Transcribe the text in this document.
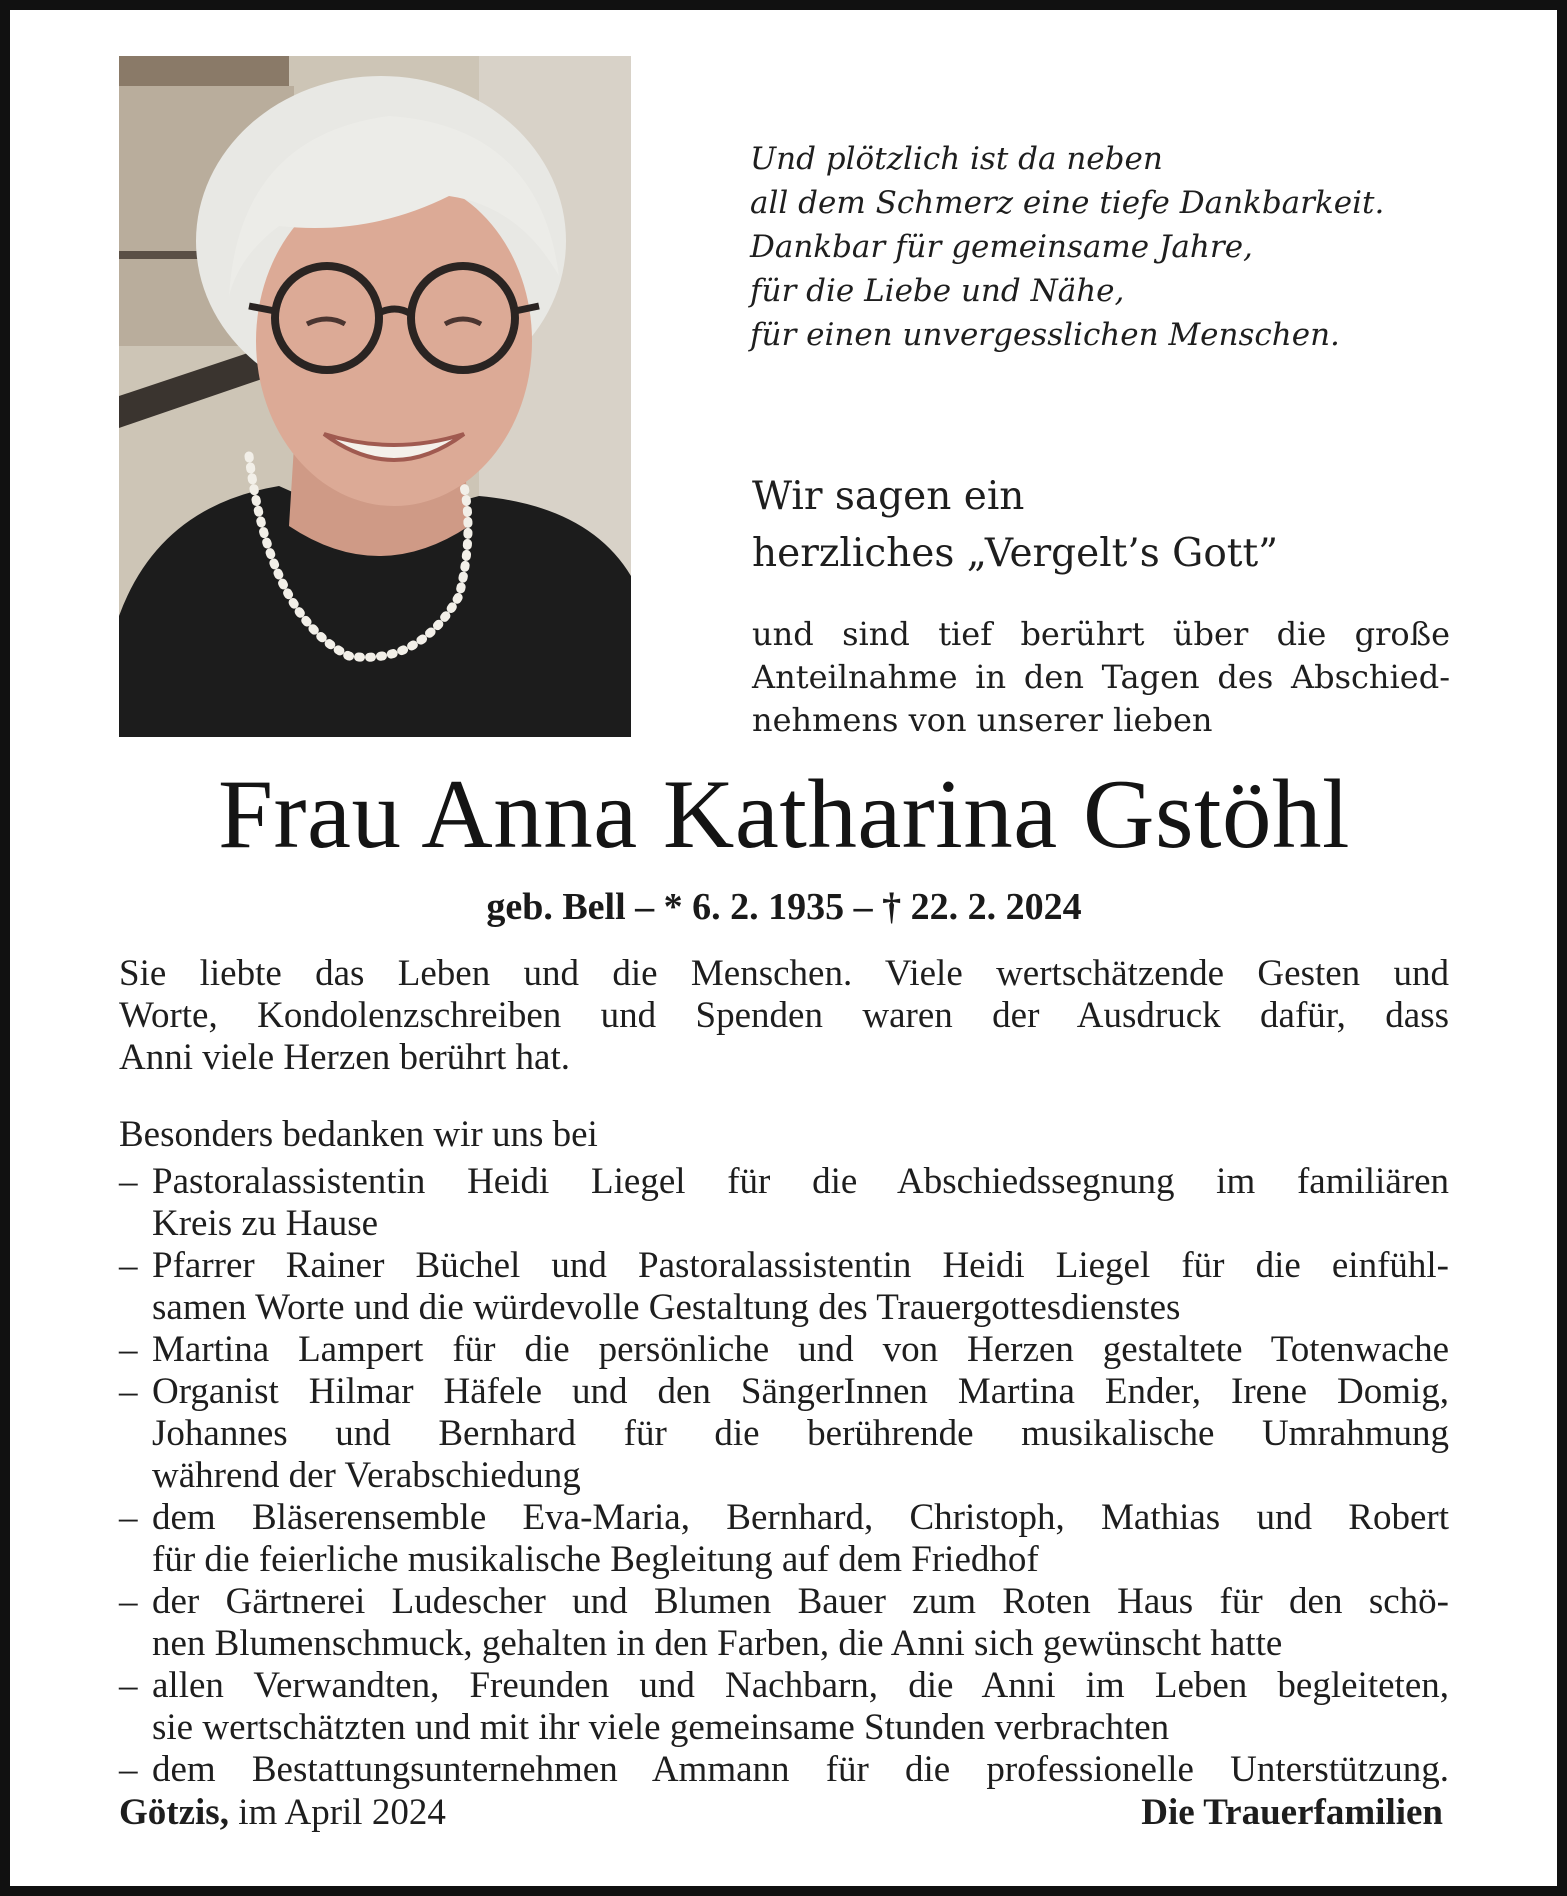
Und plötzlich ist da neben
all dem Schmerz eine tiefe Dankbarkeit.
Dankbar für gemeinsame Jahre,
für die Liebe und Nähe,
für einen unvergesslichen Menschen.
Wir sagen ein
herzliches „Vergelt’s Gott”
und sind tief berührt über die große
Anteilnahme in den Tagen des Abschied-
nehmens von unserer lieben
Frau Anna Katharina Gstöhl
geb. Bell – * 6. 2. 1935 – † 22. 2. 2024
Sie liebte das Leben und die Menschen. Viele wertschätzende Gesten und
Worte, Kondolenzschreiben und Spenden waren der Ausdruck dafür, dass
Anni viele Herzen berührt hat.
Besonders bedanken wir uns bei
– Pastoralassistentin Heidi Liegel für die Abschiedssegnung im familiären
Kreis zu Hause
– Pfarrer Rainer Büchel und Pastoralassistentin Heidi Liegel für die einfühl-
samen Worte und die würdevolle Gestaltung des Trauergottesdienstes
– Martina Lampert für die persönliche und von Herzen gestaltete Totenwache
– Organist Hilmar Häfele und den SängerInnen Martina Ender, Irene Domig,
Johannes und Bernhard für die berührende musikalische Umrahmung
während der Verabschiedung
– dem Bläserensemble Eva-Maria, Bernhard, Christoph, Mathias und Robert
für die feierliche musikalische Begleitung auf dem Friedhof
– der Gärtnerei Ludescher und Blumen Bauer zum Roten Haus für den schö-
nen Blumenschmuck, gehalten in den Farben, die Anni sich gewünscht hatte
– allen Verwandten, Freunden und Nachbarn, die Anni im Leben begleiteten,
sie wertschätzten und mit ihr viele gemeinsame Stunden verbrachten
– dem Bestattungsunternehmen Ammann für die professionelle Unterstützung.
Götzis, im April 2024	Die Trauerfamilien
